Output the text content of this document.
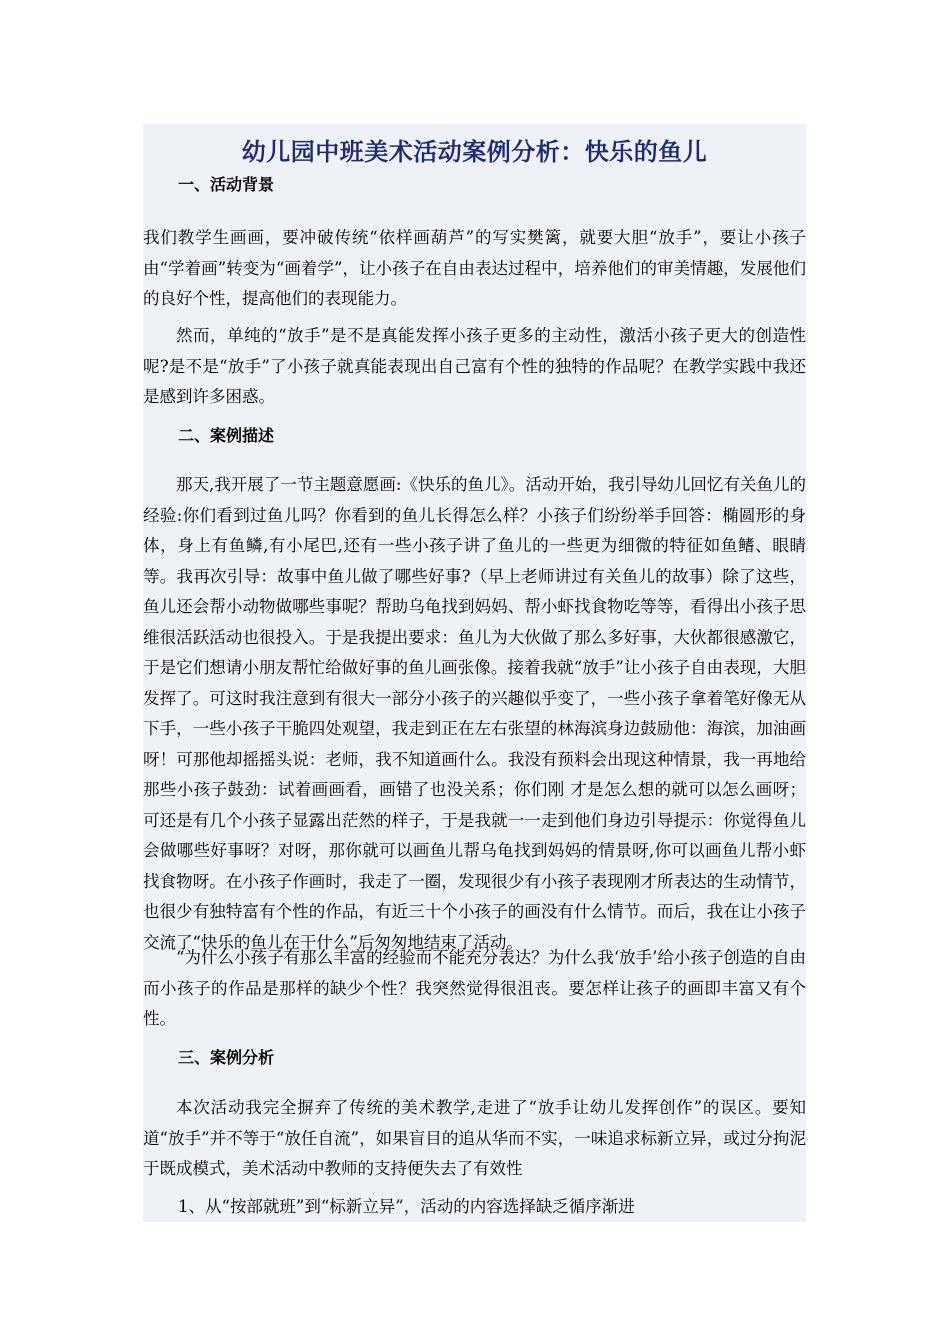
幼儿园中班美术活动案例分析：快乐的鱼儿
一、活动背景

我们教学生画画，要冲破传统“依样画葫芦”的写实樊篱，就要大胆“放手”，要让小孩子由“学着画”转变为“画着学”，让小孩子在自由表达过程中，培养他们的审美情趣，发展他们的良好个性，提高他们的表现能力。

然而，单纯的“放手”是不是真能发挥小孩子更多的主动性，激活小孩子更大的创造性呢?是不是“放手”了小孩子就真能表现出自己富有个性的独特的作品呢？在教学实践中我还是感到许多困惑。

二、案例描述

那天,我开展了一节主题意愿画:《快乐的鱼儿》。活动开始，我引导幼儿回忆有关鱼儿的经验:你们看到过鱼儿吗？你看到的鱼儿长得怎么样？小孩子们纷纷举手回答：椭圆形的身体，身上有鱼鳞,有小尾巴,还有一些小孩子讲了鱼儿的一些更为细微的特征如鱼鳍、眼睛等。我再次引导：故事中鱼儿做了哪些好事?（早上老师讲过有关鱼儿的故事）除了这些，鱼儿还会帮小动物做哪些事呢？帮助乌龟找到妈妈、帮小虾找食物吃等等，看得出小孩子思维很活跃活动也很投入。于是我提出要求：鱼儿为大伙做了那么多好事，大伙都很感激它，于是它们想请小朋友帮忙给做好事的鱼儿画张像。接着我就“放手”让小孩子自由表现，大胆发挥了。可这时我注意到有很大一部分小孩子的兴趣似乎变了，一些小孩子拿着笔好像无从下手，一些小孩子干脆四处观望，我走到正在左右张望的林海滨身边鼓励他：海滨，加油画呀！可那他却摇摇头说：老师，我不知道画什么。我没有预料会出现这种情景，我一再地给那些小孩子鼓劲：试着画画看，画错了也没关系；你们刚 才是怎么想的就可以怎么画呀；可还是有几个小孩子显露出茫然的样子，于是我就一一走到他们身边引导提示：你觉得鱼儿会做哪些好事呀？对呀，那你就可以画鱼儿帮乌龟找到妈妈的情景呀,你可以画鱼儿帮小虾找食物呀。在小孩子作画时，我走了一圈，发现很少有小孩子表现刚才所表达的生动情节，也很少有独特富有个性的作品，有近三十个小孩子的画没有什么情节。而后，我在让小孩子交流了“快乐的鱼儿在干什么”后匆匆地结束了活动。

“为什么小孩子有那么丰富的经验而不能充分表达？为什么我‘放手’给小孩子创造的自由而小孩子的作品是那样的缺少个性？我突然觉得很沮丧。要怎样让孩子的画即丰富又有个性。

三、案例分析

本次活动我完全摒弃了传统的美术教学,走进了“放手让幼儿发挥创作”的误区。要知道“放手”并不等于“放任自流”，如果盲目的追从华而不实，一味追求标新立异，或过分拘泥于既成模式，美术活动中教师的支持便失去了有效性

1、从“按部就班”到“标新立异”，活动的内容选择缺乏循序渐进
